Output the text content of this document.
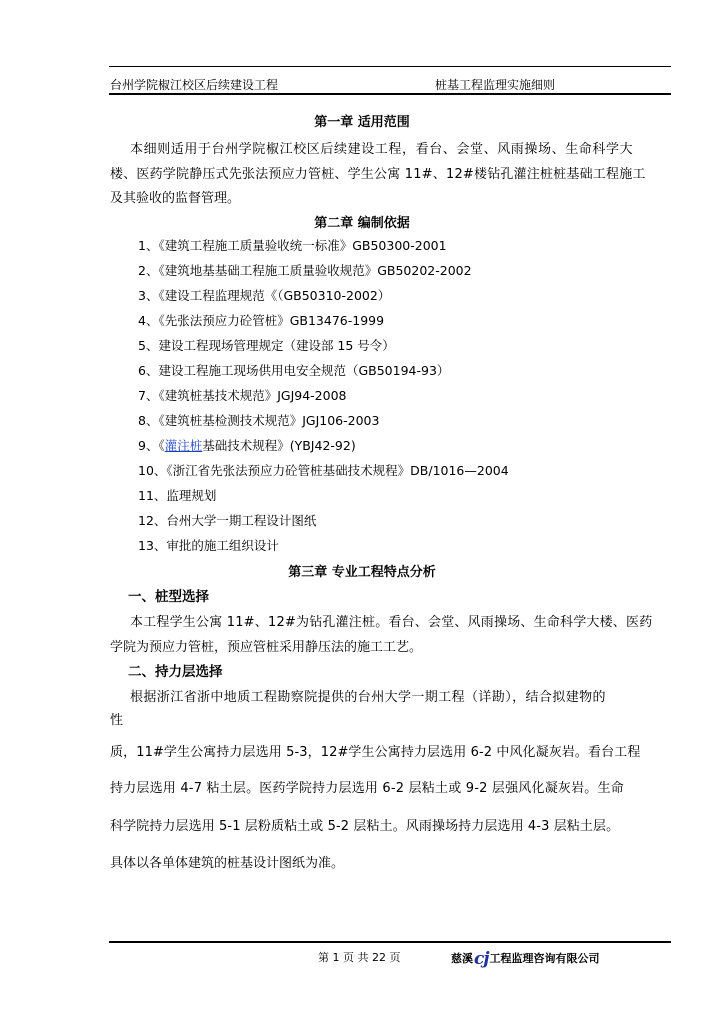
台州学院椒江校区后续建设工程	桩基工程监理实施细则
第一章 适用范围
本细则适用于台州学院椒江校区后续建设工程，看台、会堂、风雨操场、生命科学大
楼、医药学院静压式先张法预应力管桩、学生公寓 11#、12#楼钻孔灌注桩桩基础工程施工
及其验收的监督管理。
第二章 编制依据
1、《建筑工程施工质量验收统一标准》GB50300-2001
2、《建筑地基基础工程施工质量验收规范》GB50202-2002
3、《建设工程监理规范《（GB50310-2002）
4、《先张法预应力砼管桩》GB13476-1999
5、建设工程现场管理规定（建设部 15 号令）
6、建设工程施工现场供用电安全规范（GB50194-93）
7、《建筑桩基技术规范》JGJ94-2008
8、《建筑桩基检测技术规范》JGJ106-2003
9、《灌注桩基础技术规程》(YBJ42-92)
10、《浙江省先张法预应力砼管桩基础技术规程》DB/1016—2004
11、监理规划
12、台州大学一期工程设计图纸
13、审批的施工组织设计
第三章 专业工程特点分析
一、桩型选择
本工程学生公寓 11#、12#为钻孔灌注桩。看台、会堂、风雨操场、生命科学大楼、医药
学院为预应力管桩，预应管桩采用静压法的施工工艺。
二、持力层选择
根据浙江省浙中地质工程勘察院提供的台州大学一期工程（详勘），结合拟建物的
性
质，11#学生公寓持力层选用 5-3，12#学生公寓持力层选用 6-2 中风化凝灰岩。看台工程
持力层选用 4-7 粘土层。医药学院持力层选用 6-2 层粘土或 9-2 层强风化凝灰岩。生命
科学院持力层选用 5-1 层粉质粘土或 5-2 层粘土。风雨操场持力层选用 4-3 层粘土层。
具体以各单体建筑的桩基设计图纸为准。
第 1 页 共 22 页	慈溪cj工程监理咨询有限公司
